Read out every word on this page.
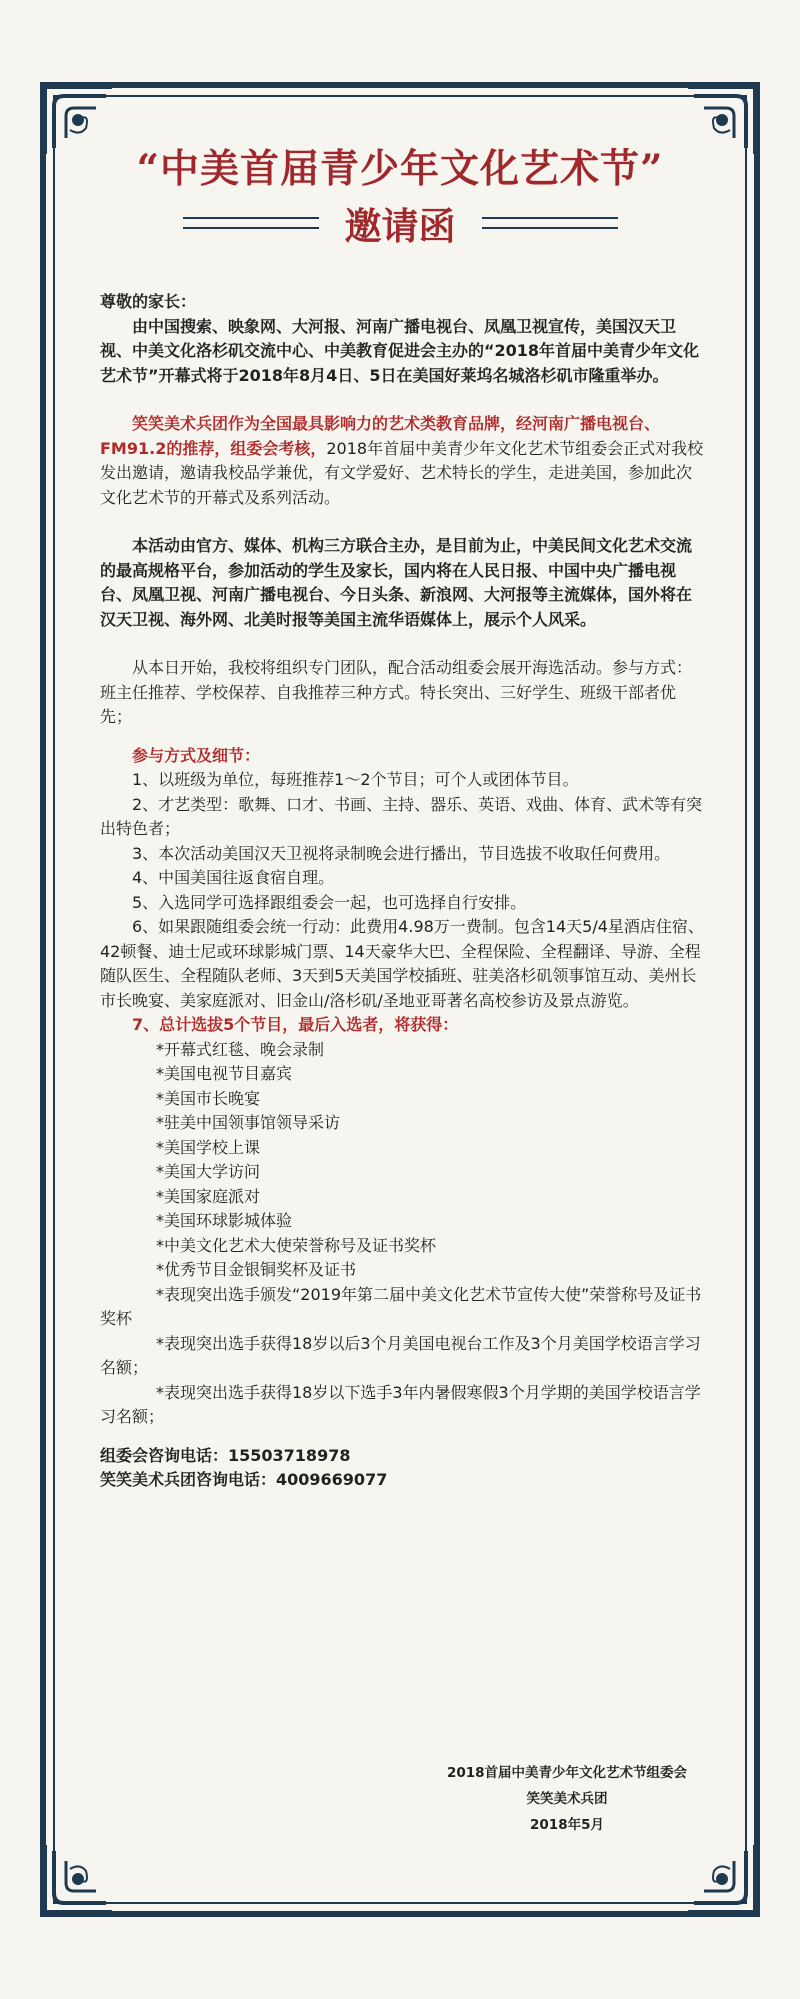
“中美首届青少年文化艺术节”
邀请函

尊敬的家长：

由中国搜索、映象网、大河报、河南广播电视台、凤凰卫视宣传，美国汉天卫视、中美文化洛杉矶交流中心、中美教育促进会主办的“2018年首届中美青少年文化艺术节”开幕式将于2018年8月4日、5日在美国好莱坞名城洛杉矶市隆重举办。

笑笑美术兵团作为全国最具影响力的艺术类教育品牌，经河南广播电视台、FM91.2的推荐，组委会考核，2018年首届中美青少年文化艺术节组委会正式对我校发出邀请，邀请我校品学兼优，有文学爱好、艺术特长的学生，走进美国，参加此次文化艺术节的开幕式及系列活动。

本活动由官方、媒体、机构三方联合主办，是目前为止，中美民间文化艺术交流的最高规格平台，参加活动的学生及家长，国内将在人民日报、中国中央广播电视台、凤凰卫视、河南广播电视台、今日头条、新浪网、大河报等主流媒体，国外将在汉天卫视、海外网、北美时报等美国主流华语媒体上，展示个人风采。

从本日开始，我校将组织专门团队，配合活动组委会展开海选活动。参与方式：班主任推荐、学校保荐、自我推荐三种方式。特长突出、三好学生、班级干部者优先；

参与方式及细节：

1、以班级为单位，每班推荐1～2个节目；可个人或团体节目。

2、才艺类型：歌舞、口才、书画、主持、器乐、英语、戏曲、体育、武术等有突出特色者；

3、本次活动美国汉天卫视将录制晚会进行播出，节目选拔不收取任何费用。

4、中国美国往返食宿自理。

5、入选同学可选择跟组委会一起，也可选择自行安排。

6、如果跟随组委会统一行动：此费用4.98万一费制。包含14天5/4星酒店住宿、42顿餐、迪士尼或环球影城门票、14天豪华大巴、全程保险、全程翻译、导游、全程随队医生、全程随队老师、3天到5天美国学校插班、驻美洛杉矶领事馆互动、美州长市长晚宴、美家庭派对、旧金山/洛杉矶/圣地亚哥著名高校参访及景点游览。

7、总计选拔5个节目，最后入选者，将获得：

*开幕式红毯、晚会录制

*美国电视节目嘉宾

*美国市长晚宴

*驻美中国领事馆领导采访

*美国学校上课

*美国大学访问

*美国家庭派对

*美国环球影城体验

*中美文化艺术大使荣誉称号及证书奖杯

*优秀节目金银铜奖杯及证书

*表现突出选手颁发“2019年第二届中美文化艺术节宣传大使”荣誉称号及证书奖杯

*表现突出选手获得18岁以后3个月美国电视台工作及3个月美国学校语言学习名额；

*表现突出选手获得18岁以下选手3年内暑假寒假3个月学期的美国学校语言学习名额；

组委会咨询电话：15503718978

笑笑美术兵团咨询电话：4009669077

2018首届中美青少年文化艺术节组委会
笑笑美术兵团
2018年5月
